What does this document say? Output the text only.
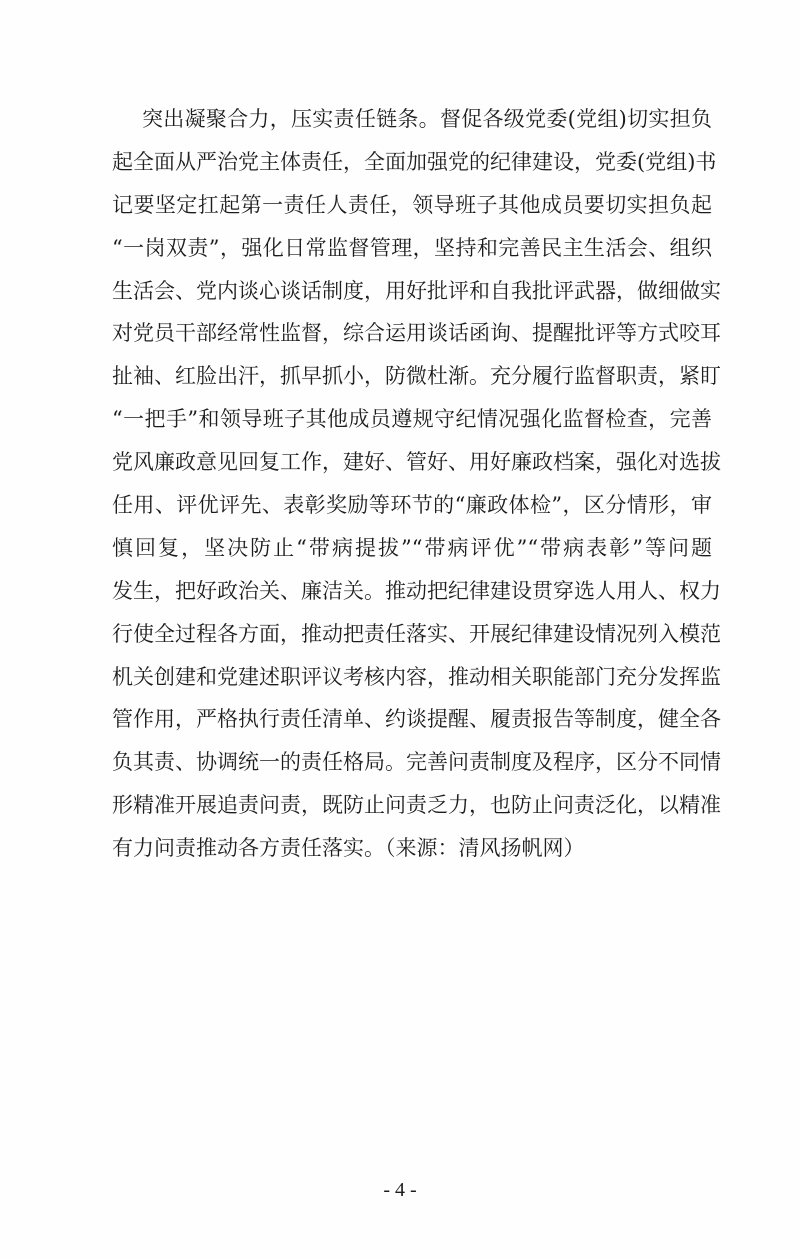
突出凝聚合力，压实责任链条。督促各级党委(党组)切实担负
起全面从严治党主体责任，全面加强党的纪律建设，党委(党组)书
记要坚定扛起第一责任人责任，领导班子其他成员要切实担负起
“一岗双责”，强化日常监督管理，坚持和完善民主生活会、组织
生活会、党内谈心谈话制度，用好批评和自我批评武器，做细做实
对党员干部经常性监督，综合运用谈话函询、提醒批评等方式咬耳
扯袖、红脸出汗，抓早抓小，防微杜渐。充分履行监督职责，紧盯
“一把手”和领导班子其他成员遵规守纪情况强化监督检查，完善
党风廉政意见回复工作，建好、管好、用好廉政档案，强化对选拔
任用、评优评先、表彰奖励等环节的“廉政体检”，区分情形，审
慎回复，坚决防止“带病提拔”“带病评优”“带病表彰”等问题
发生，把好政治关、廉洁关。推动把纪律建设贯穿选人用人、权力
行使全过程各方面，推动把责任落实、开展纪律建设情况列入模范
机关创建和党建述职评议考核内容，推动相关职能部门充分发挥监
管作用，严格执行责任清单、约谈提醒、履责报告等制度，健全各
负其责、协调统一的责任格局。完善问责制度及程序，区分不同情
形精准开展追责问责，既防止问责乏力，也防止问责泛化，以精准
有力问责推动各方责任落实。（来源：清风扬帆网）
- 4 -
